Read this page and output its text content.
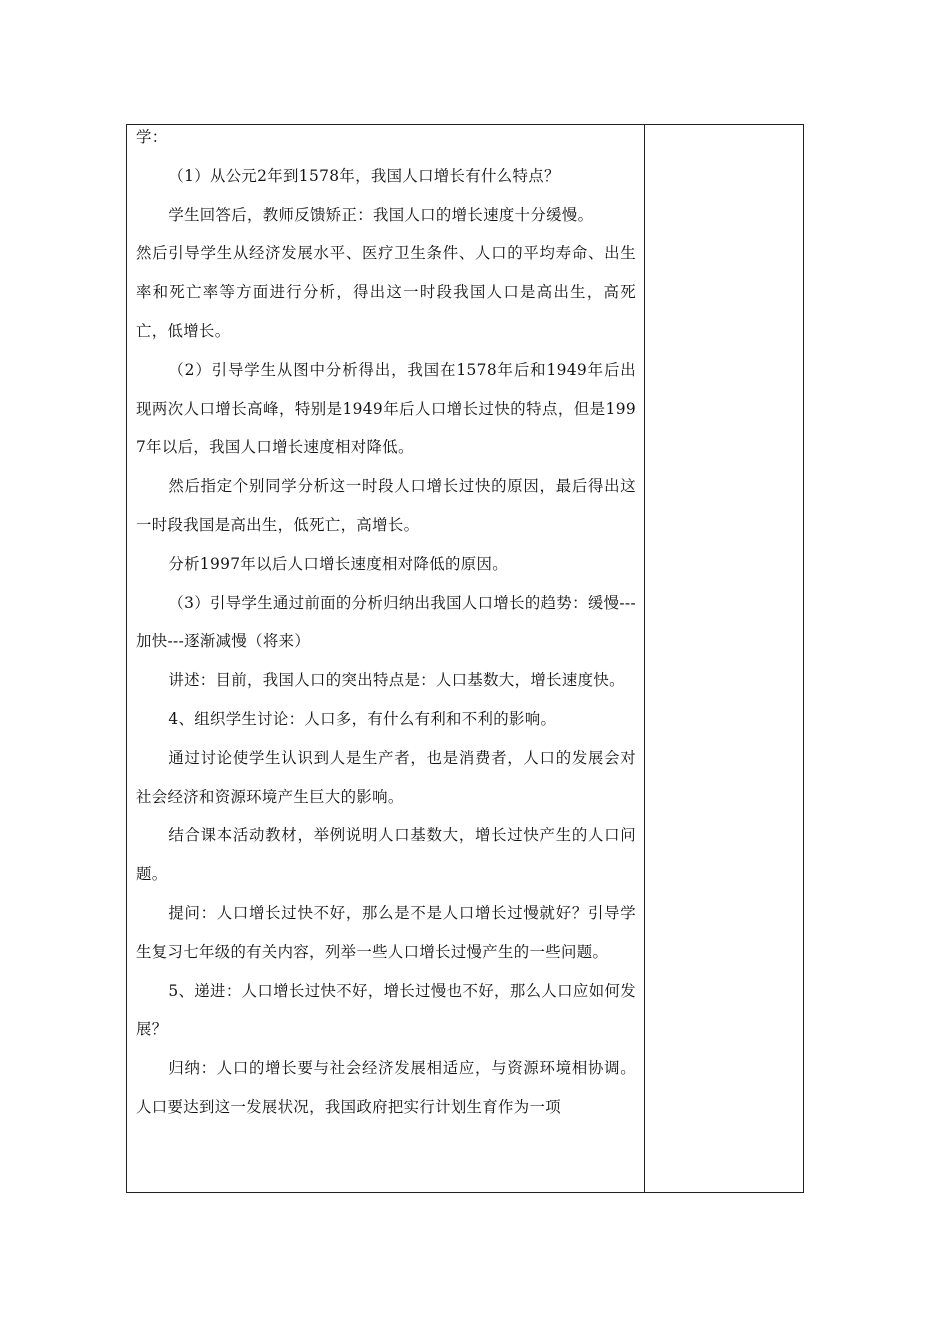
学：

（1）从公元2年到1578年，我国人口增长有什么特点？

学生回答后，教师反馈矫正：我国人口的增长速度十分缓慢。

然后引导学生从经济发展水平、医疗卫生条件、人口的平均寿命、出生率和死亡率等方面进行分析，得出这一时段我国人口是高出生，高死亡，低增长。

（2）引导学生从图中分析得出，我国在1578年后和1949年后出现两次人口增长高峰，特别是1949年后人口增长过快的特点，但是1997年以后，我国人口增长速度相对降低。

然后指定个别同学分析这一时段人口增长过快的原因，最后得出这一时段我国是高出生，低死亡，高增长。

分析1997年以后人口增长速度相对降低的原因。

（3）引导学生通过前面的分析归纳出我国人口增长的趋势：缓慢---加快---逐渐减慢（将来）

讲述：目前，我国人口的突出特点是：人口基数大，增长速度快。

4、组织学生讨论：人口多，有什么有利和不利的影响。

通过讨论使学生认识到人是生产者，也是消费者，人口的发展会对社会经济和资源环境产生巨大的影响。

结合课本活动教材，举例说明人口基数大，增长过快产生的人口问题。

提问：人口增长过快不好，那么是不是人口增长过慢就好？引导学生复习七年级的有关内容，列举一些人口增长过慢产生的一些问题。

5、递进：人口增长过快不好，增长过慢也不好，那么人口应如何发展？

归纳：人口的增长要与社会经济发展相适应，与资源环境相协调。人口要达到这一发展状况，我国政府把实行计划生育作为一项
